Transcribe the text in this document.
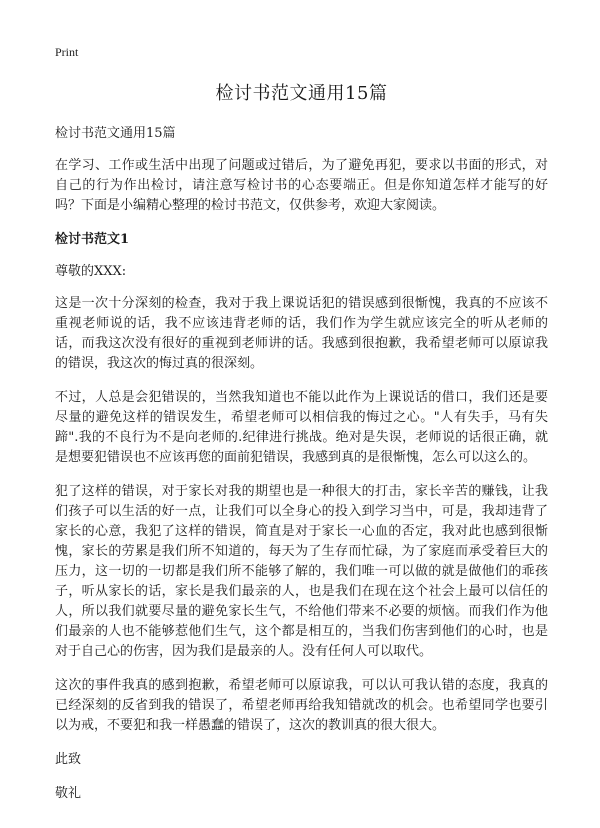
Print
检讨书范文通用15篇

检讨书范文通用15篇

在学习、工作或生活中出现了问题或过错后，为了避免再犯，要求以书面的形式，对自己的行为作出检讨，请注意写检讨书的心态要端正。但是你知道怎样才能写的好吗？下面是小编精心整理的检讨书范文，仅供参考，欢迎大家阅读。

检讨书范文1

尊敬的XXX:

这是一次十分深刻的检查，我对于我上课说话犯的错误感到很惭愧，我真的不应该不重视老师说的话，我不应该违背老师的话，我们作为学生就应该完全的听从老师的话，而我这次没有很好的重视到老师讲的话。我感到很抱歉，我希望老师可以原谅我的错误，我这次的悔过真的很深刻。

不过，人总是会犯错误的，当然我知道也不能以此作为上课说话的借口，我们还是要尽量的避免这样的错误发生，希望老师可以相信我的悔过之心。"人有失手，马有失蹄".我的不良行为不是向老师的.纪律进行挑战。绝对是失误，老师说的话很正确，就是想要犯错误也不应该再您的面前犯错误，我感到真的是很惭愧，怎么可以这么的。

犯了这样的错误，对于家长对我的期望也是一种很大的打击，家长辛苦的赚钱，让我们孩子可以生活的好一点，让我们可以全身心的投入到学习当中，可是，我却违背了家长的心意，我犯了这样的错误，简直是对于家长一心血的否定，我对此也感到很惭愧，家长的劳累是我们所不知道的，每天为了生存而忙碌，为了家庭而承受着巨大的压力，这一切的一切都是我们所不能够了解的，我们唯一可以做的就是做他们的乖孩子，听从家长的话，家长是我们最亲的人，也是我们在现在这个社会上最可以信任的人，所以我们就要尽量的避免家长生气，不给他们带来不必要的烦恼。而我们作为他们最亲的人也不能够惹他们生气，这个都是相互的，当我们伤害到他们的心时，也是对于自己心的伤害，因为我们是最亲的人。没有任何人可以取代。

这次的事件我真的感到抱歉，希望老师可以原谅我，可以认可我认错的态度，我真的已经深刻的反省到我的错误了，希望老师再给我知错就改的机会。也希望同学也要引以为戒，不要犯和我一样愚蠢的错误了，这次的教训真的很大很大。

此致

敬礼
